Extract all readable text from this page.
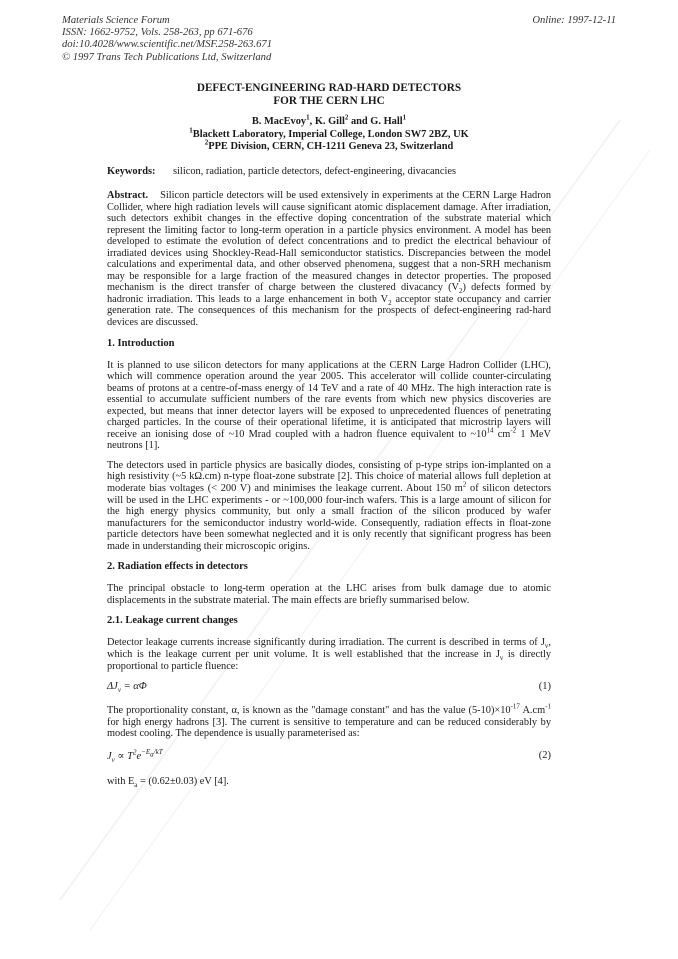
Materials Science Forum
ISSN: 1662-9752, Vols. 258-263, pp 671-676
doi:10.4028/www.scientific.net/MSF.258-263.671
© 1997 Trans Tech Publications Ltd, Switzerland
Online: 1997-12-11
DEFECT-ENGINEERING RAD-HARD DETECTORS
FOR THE CERN LHC
B. MacEvoy$^1$, K. Gill$^2$ and G. Hall$^1$
$^1$Blackett Laboratory, Imperial College, London SW7 2BZ, UK
$^2$PPE Division, CERN, CH-1211 Geneva 23, Switzerland
Keywords: silicon, radiation, particle detectors, defect-engineering, divacancies

Abstract. Silicon particle detectors will be used extensively in experiments at the CERN Large Hadron Collider, where high radiation levels will cause significant atomic displacement damage. After irradiation, such detectors exhibit changes in the effective doping concentration of the substrate material which represent the limiting factor to long-term operation in a particle physics environment. A model has been developed to estimate the evolution of defect concentrations and to predict the electrical behaviour of irradiated devices using Shockley-Read-Hall semiconductor statistics. Discrepancies between the model calculations and experimental data, and other observed phenomena, suggest that a non-SRH mechanism may be responsible for a large fraction of the measured changes in detector properties. The proposed mechanism is the direct transfer of charge between the clustered divacancy $(V_2)$ defects formed by hadronic irradiation. This leads to a large enhancement in both $V_2$ acceptor state occupancy and carrier generation rate. The consequences of this mechanism for the prospects of defect-engineering rad-hard devices are discussed.

1. Introduction

It is planned to use silicon detectors for many applications at the CERN Large Hadron Collider (LHC), which will commence operation around the year 2005. This accelerator will collide counter-circulating beams of protons at a centre-of-mass energy of 14 TeV and a rate of 40 MHz. The high interaction rate is essential to accumulate sufficient numbers of the rare events from which new physics discoveries are expected, but means that inner detector layers will be exposed to unprecedented fluences of penetrating charged particles. In the course of their operational lifetime, it is anticipated that microstrip layers will receive an ionising dose of ~10 Mrad coupled with a hadron fluence equivalent to $\sim 10^{14}$ $cm^{-2}$ 1 MeV neutrons [1].

The detectors used in particle physics are basically diodes, consisting of p-type strips ion-implanted on a high resistivity (~5 kΩ.cm) n-type float-zone substrate [2]. This choice of material allows full depletion at moderate bias voltages (< 200 V) and minimises the leakage current. About 150 $m^2$ of silicon detectors will be used in the LHC experiments - or ~100,000 four-inch wafers. This is a large amount of silicon for the high energy physics community, but only a small fraction of the silicon produced by wafer manufacturers for the semiconductor industry world-wide. Consequently, radiation effects in float-zone particle detectors have been somewhat neglected and it is only recently that significant progress has been made in understanding their microscopic origins.

2. Radiation effects in detectors

The principal obstacle to long-term operation at the LHC arises from bulk damage due to atomic displacements in the substrate material. The main effects are briefly summarised below.

2.1. Leakage current changes

Detector leakage currents increase significantly during irradiation. The current is described in terms of $J_v$, which is the leakage current per unit volume. It is well established that the increase in $J_v$ is directly proportional to particle fluence:

$\Delta J_v = \alpha\Phi$	(1)

The proportionality constant, α, is known as the "damage constant" and has the value $(5-10)\times 10^{-17}$ $A.cm^{-1}$ for high energy hadrons [3]. The current is sensitive to temperature and can be reduced considerably by modest cooling. The dependence is usually parameterised as:

$J_v \propto T^2e^{-E_a/kT}$	(2)

with $E_a = (0.62\pm 0.03)$ eV [4].
